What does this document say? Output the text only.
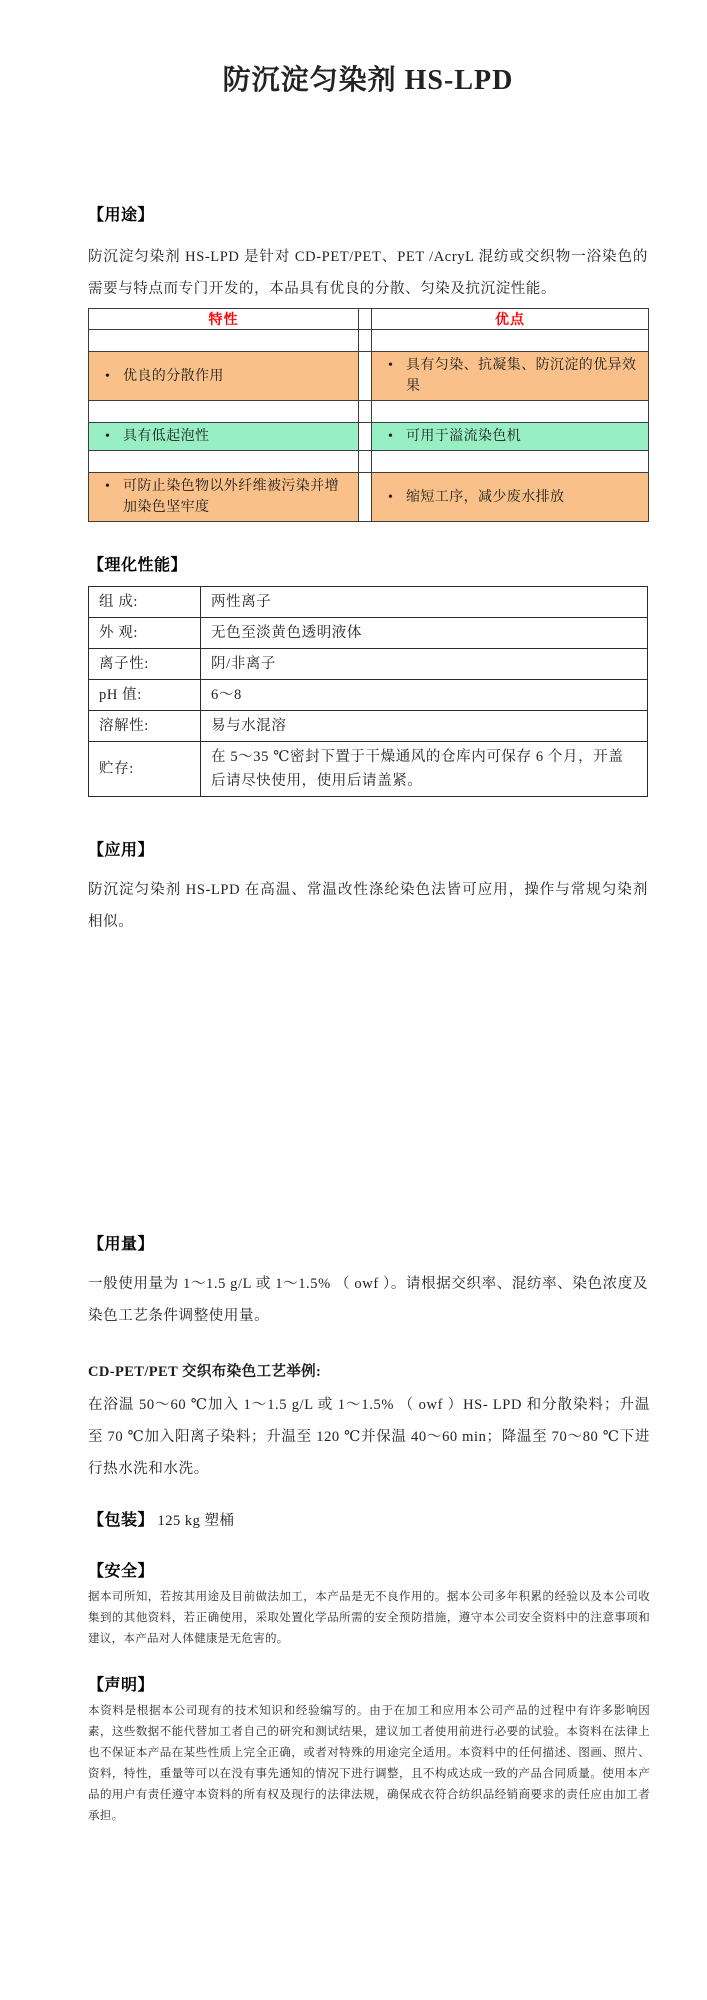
防沉淀匀染剂 HS-LPD
【用途】

防沉淀匀染剂 HS-LPD 是针对 CD-PET/PET、PET /AcryL 混纺或交织物一浴染色的需要与特点而专门开发的，本品具有优良的分散、匀染及抗沉淀性能。

特性		优点

• 优良的分散作用		• 具有匀染、抗凝集、防沉淀的优异效果

• 具有低起泡性		• 可用于溢流染色机

• 可防止染色物以外纤维被污染并增加染色坚牢度		• 缩短工序，减少废水排放
【理化性能】
组 成:	两性离子
外 观:	无色至淡黄色透明液体
离子性:	阴/非离子
pH 值:	6～8
溶解性:	易与水混溶
贮存:	在 5～35 ℃密封下置于干燥通风的仓库内可保存 6 个月，开盖后请尽快使用，使用后请盖紧。
【应用】

防沉淀匀染剂 HS-LPD 在高温、常温改性涤纶染色法皆可应用，操作与常规匀染剂相似。

【用量】

一般使用量为 1～1.5 g/L 或 1～1.5% （ owf ）。请根据交织率、混纺率、染色浓度及染色工艺条件调整使用量。

CD-PET/PET 交织布染色工艺举例:

在浴温 50～60 ℃加入 1～1.5 g/L 或 1～1.5% （ owf ）HS- LPD 和分散染料；升温至 70 ℃加入阳离子染料；升温至 120 ℃并保温 40～60 min；降温至 70～80 ℃下进行热水洗和水洗。

【包装】 125 kg 塑桶
【安全】

据本司所知，若按其用途及目前做法加工，本产品是无不良作用的。据本公司多年积累的经验以及本公司收集到的其他资料，若正确使用，采取处置化学品所需的安全预防措施，遵守本公司安全资料中的注意事项和建议，本产品对人体健康是无危害的。

【声明】

本资料是根据本公司现有的技术知识和经验编写的。由于在加工和应用本公司产品的过程中有许多影响因素，这些数据不能代替加工者自己的研究和测试结果，建议加工者使用前进行必要的试验。本资料在法律上也不保证本产品在某些性质上完全正确，或者对特殊的用途完全适用。本资料中的任何描述、图画、照片、资料，特性，重量等可以在没有事先通知的情况下进行调整，且不构成达成一致的产品合同质量。使用本产品的用户有责任遵守本资料的所有权及现行的法律法规，确保成衣符合纺织品经销商要求的责任应由加工者承担。
